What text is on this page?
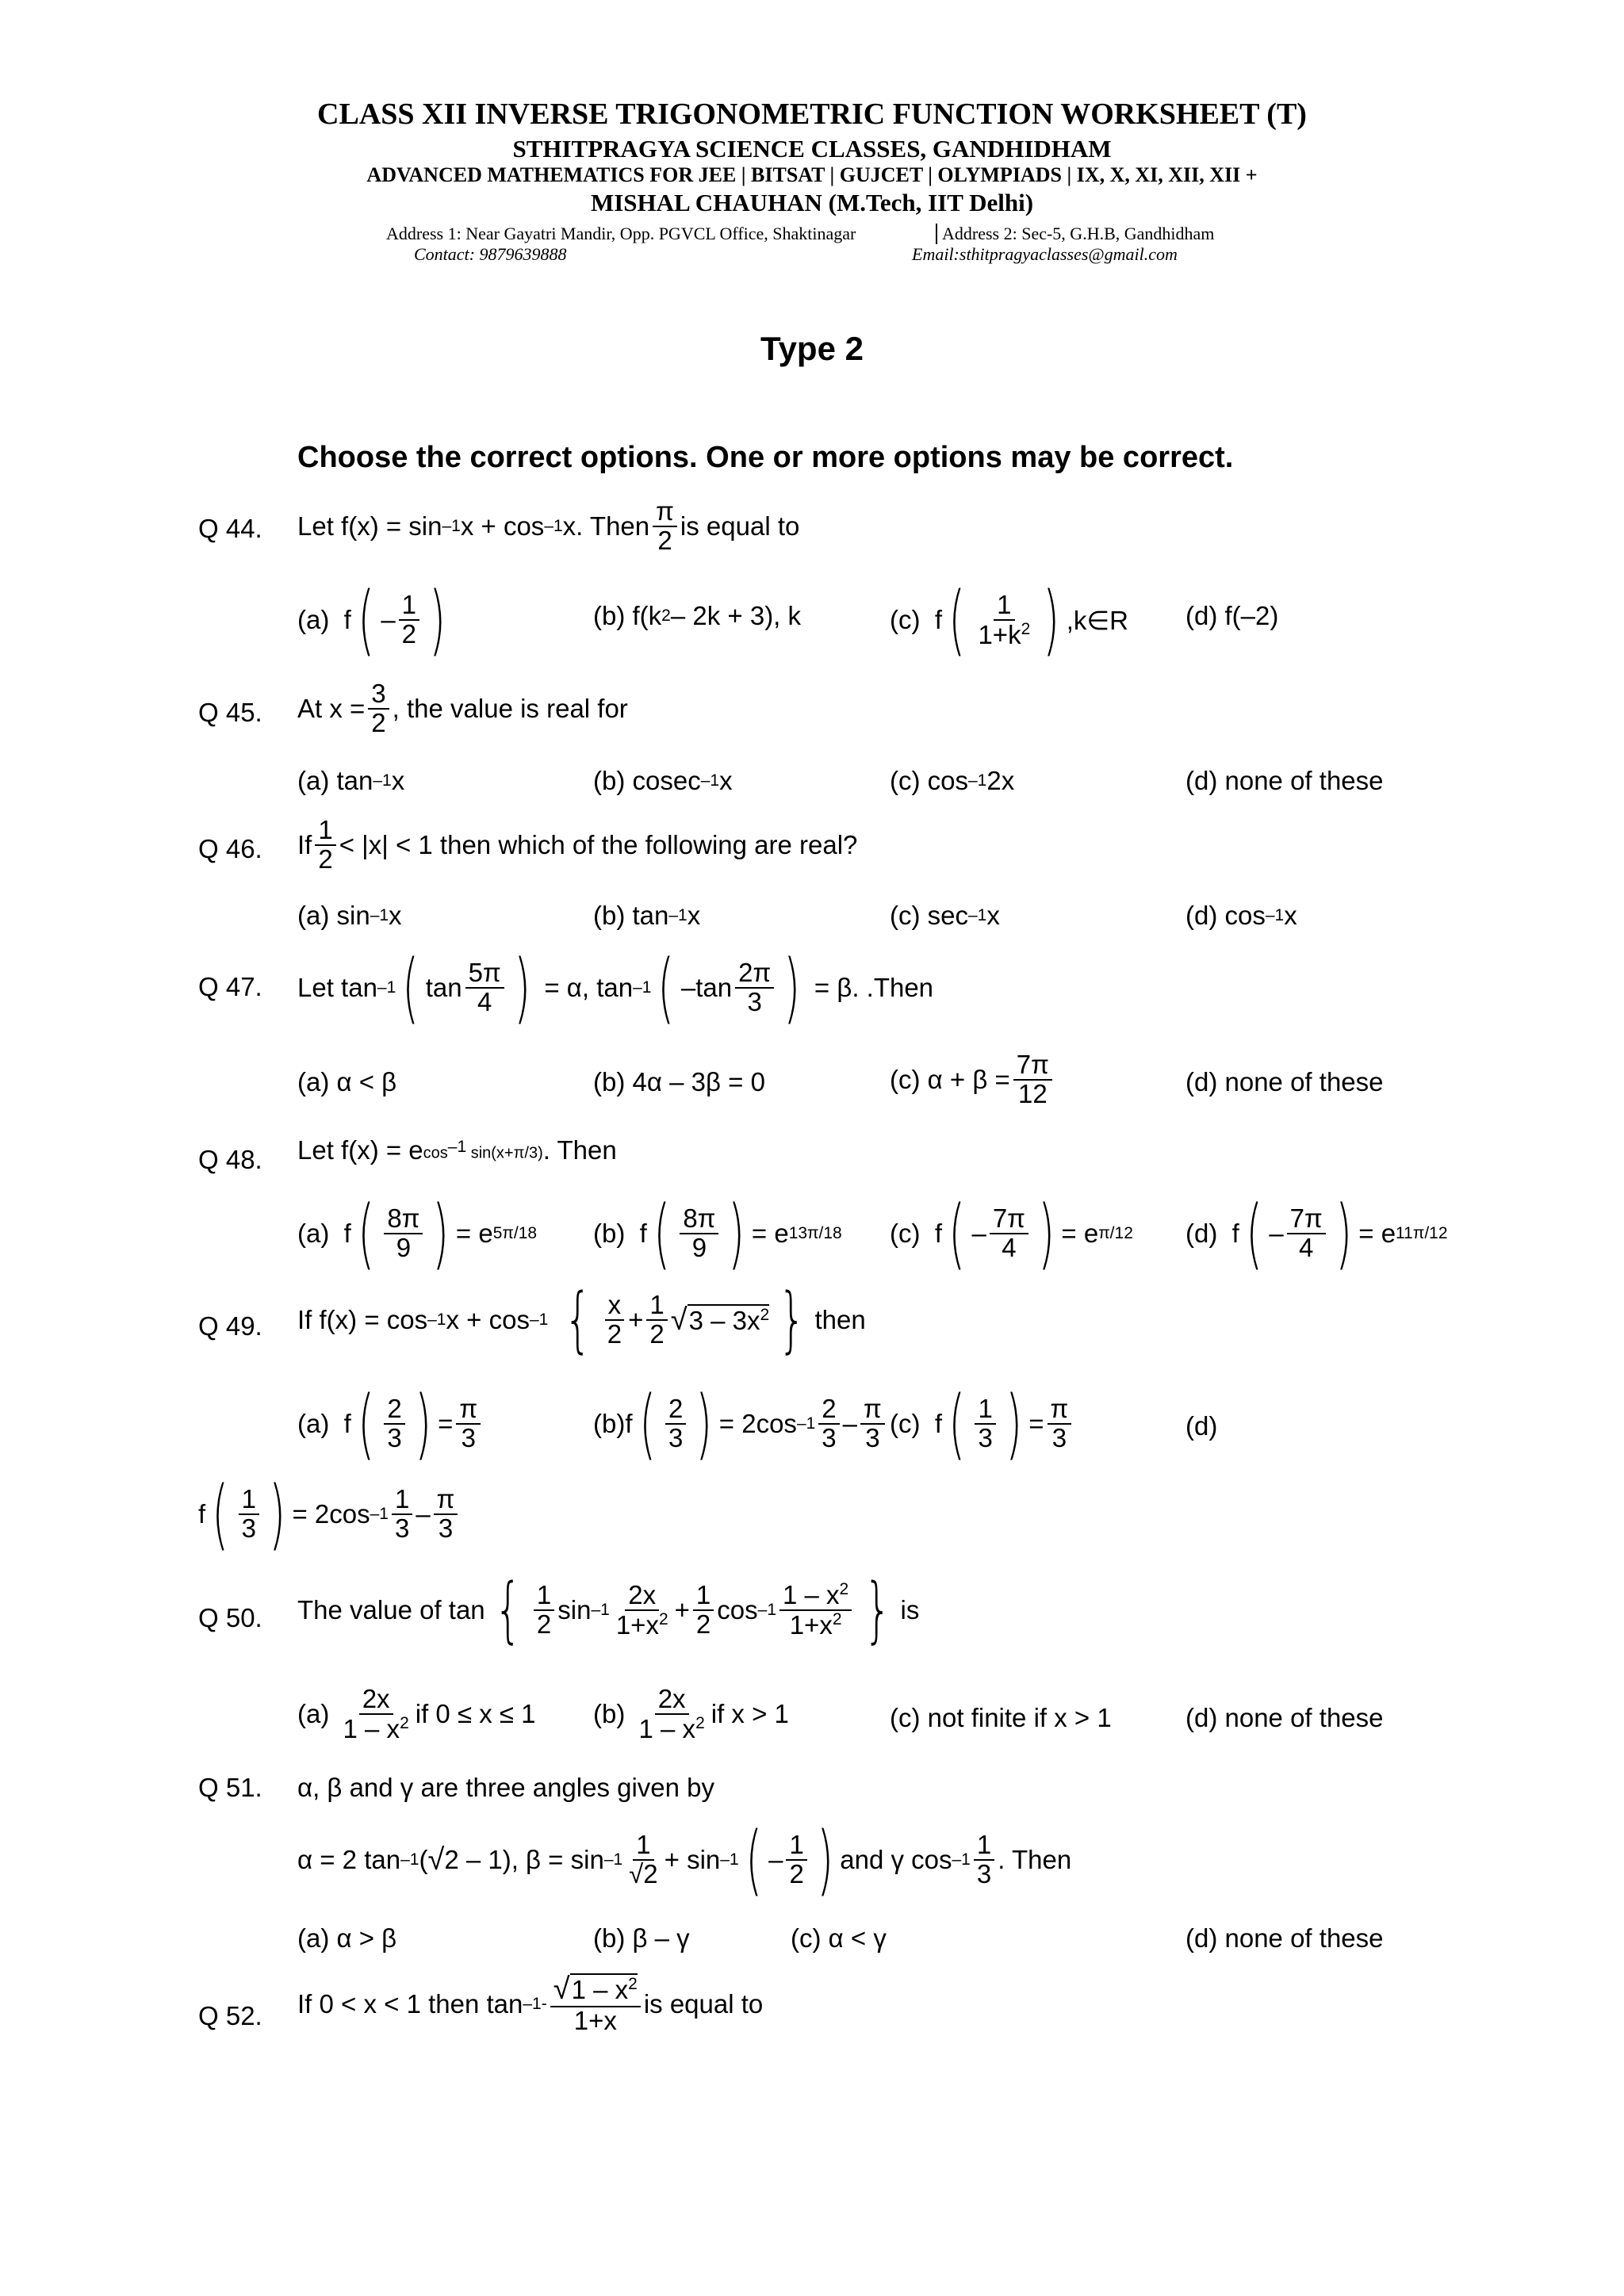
CLASS XII INVERSE TRIGONOMETRIC FUNCTION WORKSHEET (T)
STHITPRAGYA SCIENCE CLASSES, GANDHIDHAM
ADVANCED MATHEMATICS FOR JEE | BITSAT | GUJCET | OLYMPIADS | IX, X, XI, XII, XII +
MISHAL CHAUHAN (M.Tech, IIT Delhi)
Address 1: Near Gayatri Mandir, Opp. PGVCL Office, Shaktinagar	Address 2: Sec-5, G.H.B, Gandhidham
Contact: 9879639888	Email:sthitpragyaclasses@gmail.com
Type 2
Choose the correct options. One or more options may be correct.
Q 44. Let f(x) = sin –1 x + cos –1 x. Then $\frac{\pi}{2}$ is equal to
(a) f ( – $\frac{1}{2}$ )	(b) f(k 2 – 2k + 3), k	(c) f ( $\frac{1}{1+k^2}$ ) ,k∈R (d) f(–2)
Q 45. At $x = \frac{3}{2}$ , the value is real for
(a) tan –1 x	(b) cosec –1 x	(c) cos –1 2x	(d) none of these
Q 46. If $\frac{1}{2} < |x| < 1$ then which of the following are real?
(a) sin –1 x	(b) tan –1 x	(c) sec –1 x	(d) cos –1 x
Q 47. Let tan –1 ( $\tan \frac{5\pi}{4}$ ) = α, tan –1 ( $-\tan \frac{2\pi}{3}$ ) = β . .Then
(a) α < β	(b) 4α – 3β = 0	(c) $\alpha + \beta = \frac{7\pi}{12}$	(d) none of these
Q 48. Let f(x) = e $\cos^{-1} \sin(x+\pi/3)$ . Then
(a) f ( $\frac{8\pi}{9}$ ) = e 5π/18 (b) f ( $\frac{8\pi}{9}$ ) = e 13π/18 (c) f ( – $\frac{7\pi}{4}$ ) = e π/12 (d) f ( – $\frac{7\pi}{4}$ ) = e 11π/12
Q 49. If f(x) = cos –1 x + cos –1
{ $\frac{x}{2} + \frac{1}{2}$ √ $3 - 3x^2$ } then
(a) f ( $\frac{2}{3}$ ) = $\frac{\pi}{3}$	(b) f ( $\frac{2}{3}$ ) = 2cos $-1 \frac{2}{3} - \frac{\pi}{3} (c)$ f ( $\frac{1}{3}$ ) = $\frac{\pi}{3}$	(d)
f ( $\frac{1}{3}$ ) = 2cos $-1 \frac{1}{3} - \frac{\pi}{3}$
Q 50. The value of tan { $\frac{1}{2}$ $\sin -1 \frac{2x}{1+x^2} + \frac{1}{2}$ $\cos -1 \frac{1 - x^2}{1+x^2}$ } is
(a)
$\frac{2x}{1 - x^2}$ if 0 ≤ x ≤ 1 (b)
$\frac{2x}{1 - x^2}$ if x > 1	(c) not finite if x > 1	(d) none of these
Q 51. α, β and γ are three angles given by
α = 2 tan –1 ( √ 2 – 1), $\beta = \sin -1 \frac{1}{√2} + \sin -1$ ( – $\frac{1}{2}$ ) and γ $\cos -1 \frac{1}{3}$ . Then
(a) α > β	(b) β – γ	(c) α < γ	(d) none of these
Q 52. If 0 < x < 1 then $\tan -1- \frac{√1 - x^2}{1+x}$ is equal to
